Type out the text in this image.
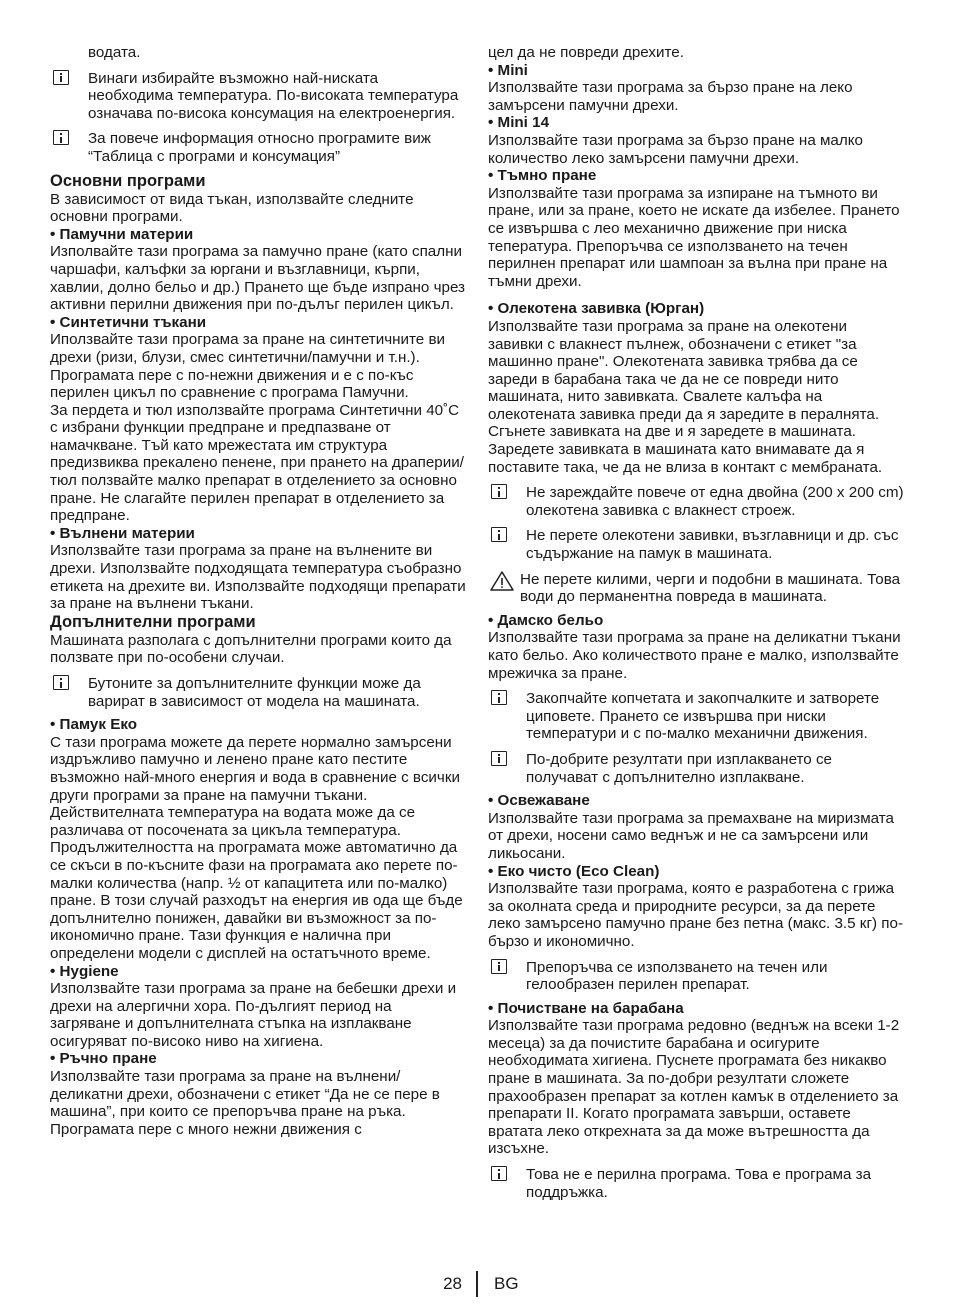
водата.

Винаги избирайте възможно най-ниската необходима температура. По-високата температура означава по-висока консумация на електроенергия.
За повече информация относно програмите виж “Таблица с програми и консумация”

Основни програми

В зависимост от вида тъкан, използвайте следните основни програми.

• Памучни материи

Изполвайте тази програма за памучно пране (като спални чаршафи, калъфки за юргани и възглавници, кърпи, хавлии, долно бельо и др.) Прането ще бъде изпрано чрез активни перилни движения при по-дълъг перилен цикъл.

• Синтетични тъкани

Иползвайте тази програма за пране на синтетичните ви дрехи (ризи, блузи, смес синтетични/памучни и т.н.). Програмата пере с по-нежни движения и е с по-къс перилен цикъл по сравнение с програма Памучни.

За пердета и тюл използвайте програма Синтетични 40˚C с избрани функции предпране и предпазване от намачкване. Тъй като мрежестата им структура предизвиква прекалено пенене, при прането на драперии/тюл ползвайте малко препарат в отделението за основно пране. Не слагайте перилен препарат в отделението за предпране.

• Вълнени материи

Използвайте тази програма за пране на вълнените ви дрехи. Използвайте подходящата температура съобразно етикета на дрехите ви. Използвайте подходящи препарати за пране на вълнени тъкани.

Допълнителни програми

Машината разполага с допълнителни програми които да ползвате при по-особени случаи.

Бутоните за допълнителните функции може да варират в зависимост от модела на машината.

• Памук Еко

С тази програма можете да перете нормално замърсени издръжливо памучно и ленено пране като пестите възможно най-много енергия и вода в сравнение с всички други програми за пране на памучни тъкани. Действителната температура на водата може да се различава от посочената за цикъла температура. Продължителността на програмата може автоматично да се скъси в по-късните фази на програмата ако перете по-малки количества (напр. ½ от капацитета или по-малко) пране. В този случай разходът на енергия ив ода ще бъде допълнително понижен, давайки ви възможност за по-икономично пране. Тази функция е налична при определени модели с дисплей на остатъчното време.

• Hygiene

Използвайте тази програма за пране на бебешки дрехи и дрехи на алергични хора. По-дългият период на загряване и допълнителната стъпка на изплакване осигуряват по-високо ниво на хигиена.

• Ръчно пране

Използвайте тази програма за пране на вълнени/деликатни дрехи, обозначени с етикет “Да не се пере в машина”, при които се препоръчва пране на ръка. Програмата пере с много нежни движения с

цел да не повреди дрехите.

• Mini

Използвайте тази програма за бързо пране на леко замърсени памучни дрехи.

• Mini 14

Използвайте тази програма за бързо пране на малко количество леко замърсени памучни дрехи.

• Тъмно пране

Използвайте тази програма за изпиране на тъмното ви пране, или за пране, което не искате да избелее. Прането се извършва с лео механично движение при ниска тепература. Препоръчва се използването на течен перилнен препарат или шампоан за вълна при пране на тъмни дрехи.

• Олекотена завивка (Юрган)

Използвайте тази програма за пране на олекотени завивки с влакнест пълнеж, обозначени с етикет "за машинно пране". Олекотената завивка трябва да се зареди в барабана така че да не се повреди нито машината, нито завивката. Свалете калъфа на олекотената завивка преди да я заредите в пералнята. Сгънете завивката на две и я заредете в машината. Заредете завивката в машината като внимавате да я поставите така, че да не влиза в контакт с мембраната.

Не зареждайте повече от една двойна (200 x 200 cm) олекотена завивка с влакнест строеж.
Не перете олекотени завивки, възглавници и др. със съдържание на памук в машината.
Не перете килими, черги и подобни в машината. Това води до перманентна повреда в машината.

• Дамско бельо

Използвайте тази програма за пране на деликатни тъкани като бельо. Ако количеството пране е малко, използвайте мрежичка за пране.

Закопчайте копчетата и закопчалките и затворете циповете. Прането се извършва при ниски температури и с по-малко механични движения.
По-добрите резултати при изплакването се получават с допълнително изплакване.

• Освежаване

Използвайте тази програма за премахване на миризмата от дрехи, носени само веднъж и не са замърсени или ликьосани.

• Еко чисто (Eco Clean)

Използвайте тази програма, която е разработена с грижа за околната среда и природните ресурси, за да перете леко замърсено памучно пране без петна (макс. 3.5 кг) по-бързо и икономично.

Препоръчва се използването на течен или гелообразен перилен препарат.

• Почистване на барабана

Използвайте тази програма редовно (веднъж на всеки 1-2 месеца) за да почистите барабана и осигурите необходимата хигиена. Пуснете програмата без никакво пране в машината. За по-добри резултати сложете прахообразен препарат за котлен камък в отделението за препарати II. Когато програмата завърши, оставете вратата леко открехната за да може вътрешността да изсъхне.

Това не е перилна програма. Това е програма за поддръжка.
28 BG
